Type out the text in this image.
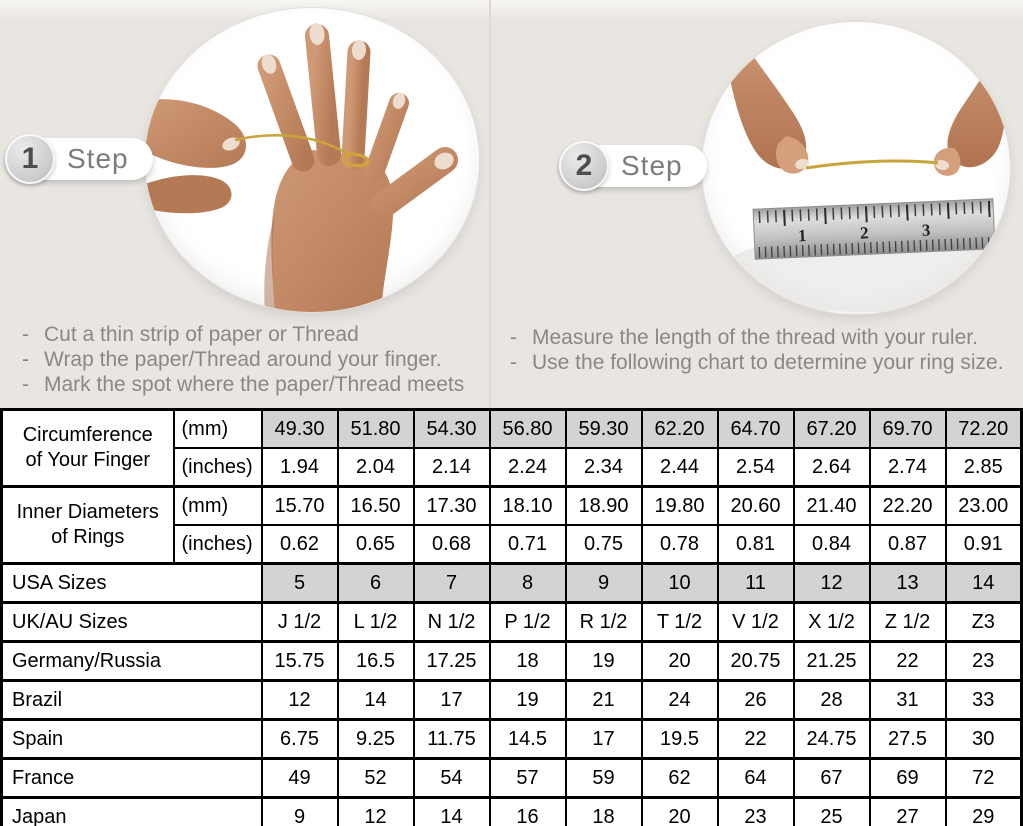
1	2	3
1	Step	2	Step
- Cut a thin strip of paper or Thread
- Wrap the paper/Thread around your finger.
- Mark the spot where the paper/Thread meets
- Measure the length of the thread with your ruler.
- Use the following chart to determine your ring size.
Circumference
of Your Finger	(mm)	49.30	51.80	54.30	56.80	59.30	62.20	64.70	67.20	69.70	72.20
	(inches)	1.94	2.04	2.14	2.24	2.34	2.44	2.54	2.64	2.74	2.85

Inner Diameters
of Rings	(mm)	15.70	16.50	17.30	18.10	18.90	19.80	20.60	21.40	22.20	23.00
	(inches)	0.62	0.65	0.68	0.71	0.75	0.78	0.81	0.84	0.87	0.91
USA Sizes		5	6	7	8	9	10	11	12	13	14
UK/AU Sizes		J 1/2	L 1/2	N 1/2	P 1/2	R 1/2	T 1/2	V 1/2	X 1/2	Z 1/2	Z3
Germany/Russia		15.75	16.5	17.25	18	19	20	20.75	21.25	22	23
Brazil		12	14	17	19	21	24	26	28	31	33
Spain		6.75	9.25	11.75	14.5	17	19.5	22	24.75	27.5	30
France		49	52	54	57	59	62	64	67	69	72
Japan		9	12	14	16	18	20	23	25	27	29
